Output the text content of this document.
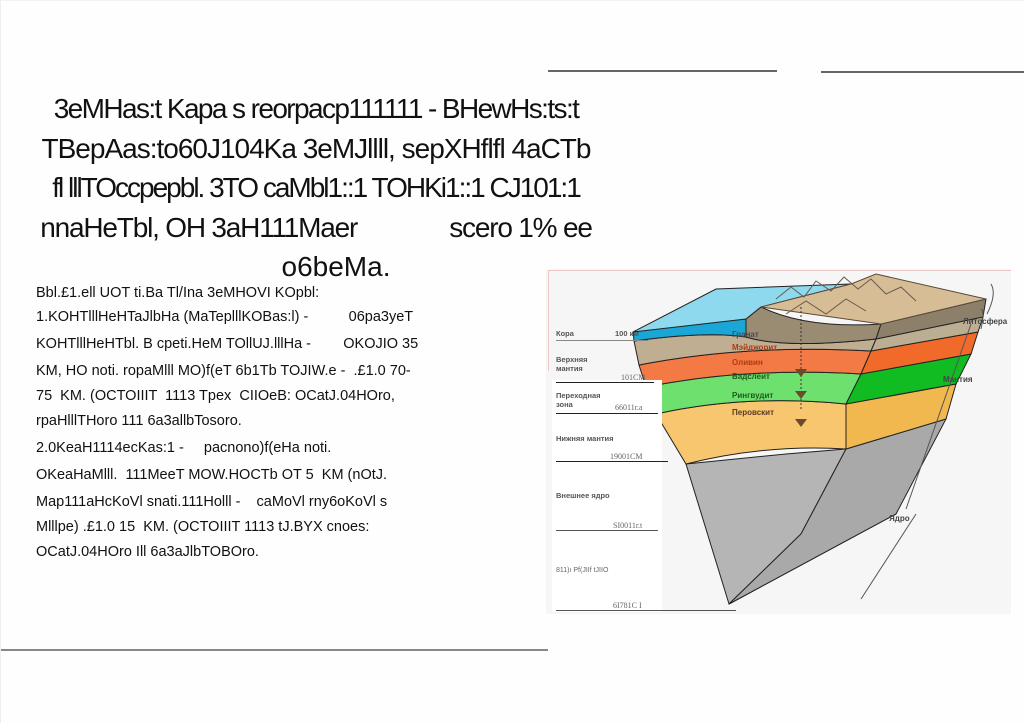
3eMHas:t Kapa s reorpacp111111 - BHewHs:ts:t
TBepAas:to60J104Ka 3eMJllll, sepXHflfl 4aCTb
fl lllTOccpepbl. 3TO caMbl1::1 TOHKi1::1 CJ101:1
nnaHeTbl, OH 3aH111Maer              scero 1% ee
o6beMa.
Bbl.£1.ell UOT ti.Ba Tl/Ina 3eMHOVI KOpbl:
1.KOHTlllHeHTaJlbHa (MaTeplllKOBas:l) -          06pa3yeT
KOHTlllHeHTbl. B cpeti.HeM TOllUJ.lllHa -        OKOJIO 35
KM, HO noti. ropaMlll MO)f(eT 6b1Tb TOJIW.e -  .£1.0 70-
75  KM. (OCTOIIIT  1113 Tpex  CIIOeB: OCatJ.04HOro,
rpaHlllTHoro 111 6a3allbTosoro.
2.0KeaH1114ecKas:1 -     pacnono)f(eHa noti.
OKeaHaMlll.  111MeeT MOW.HOCTb OT 5  KM (nOtJ.
Map111aHcKoVl snati.111Holll -    caMoVl rny6oKoVl s
Mlllpe) .£1.0 15  KM. (OCTOIIIT 1113 tJ.BYX cnoes:
OCatJ.04HOro Ill 6a3aJlbTOBOro.
Кора	100 км
Верхняя мантия
101CM
Переходная зона	66011r.a
Нижняя мантия
19001CM
Внешнее ядро
SI0011r.t
811)ı Pf(JIIf tJIIO
6I781C I
Гранат
Мэйджорит
Оливин
Вадслеит
Рингвудит
Перовскит
Литосфера
Мантия
Ядро
